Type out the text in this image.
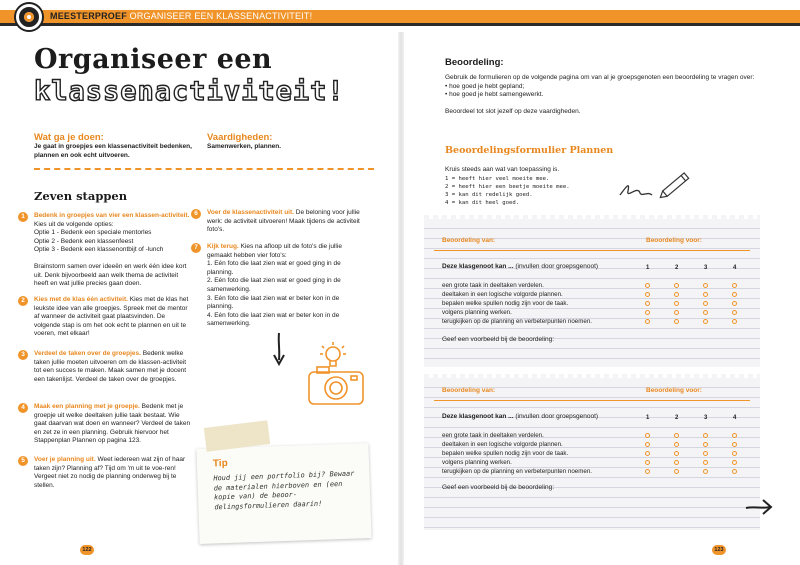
MEESTERPROEF ORGANISEER EEN KLASSENACTIVITEIT!
Organiseer een
klassenactiviteit!
Wat ga je doen:
Je gaat in groepjes een klassenactiviteit bedenken, plannen en ook echt uitvoeren.
Vaardigheden:
Samenwerken, plannen.
Zeven stappen
1	Bedenk in groepjes van vier een klassen-activiteit. Kies uit de volgende opties:

Optie 1 - Bedenk een speciale mentorles

Optie 2 - Bedenk een klassenfeest

Optie 3 - Bedenk een klassenontbijt of -lunch

Brainstorm samen over ideeën en werk één idee kort uit. Denk bijvoorbeeld aan welk thema de activiteit heeft en wat jullie precies gaan doen.

2	Kies met de klas één activiteit. Kies met de klas het leukste idee van alle groepjes. Spreek met de mentor af wanneer de activiteit gaat plaatsvinden. De volgende stap is om het ook echt te plannen en uit te voeren, met elkaar!

3	Verdeel de taken over de groepjes. Bedenk welke taken jullie moeten uitvoeren om de klassen-activiteit tot een succes te maken. Maak samen met je docent een takenlijst. Verdeel de taken over de groepjes.

4	Maak een planning met je groepje. Bedenk met je groepje uit welke deeltaken jullie taak bestaat. Wie gaat daarvan wat doen en wanneer? Verdeel de taken en zet ze in een planning. Gebruik hiervoor het Stappenplan Plannen op pagina 123.

5	Voer je planning uit. Weet iedereen wat zijn of haar taken zijn? Planning af? Tijd om 'm uit te voe-ren! Vergeet niet zo nodig de planning onderweg bij te stellen.

6	Voer de klassenactiviteit uit. De beloning voor jullie werk: de activiteit uitvoeren! Maak tijdens de activiteit foto's.

7	Kijk terug. Kies na afloop uit de foto's die jullie gemaakt hebben vier foto's:

1. Eén foto die laat zien wat er goed ging in de planning.

2. Eén foto die laat zien wat er goed ging in de samenwerking.

3. Eén foto die laat zien wat er beter kon in de planning.

4. Eén foto die laat zien wat er beter kon in de samenwerking.

Tip
Houd jij een portfolio bij? Bewaar de materialen hierboven en (een kopie van) de beoor-delingsformulieren daarin!
122
Beoordeling:
Gebruik de formulieren op de volgende pagina om van al je groepsgenoten een beoordeling te vragen over:
• hoe goed je hebt gepland;
• hoe goed je hebt samengewerkt.
Beoordeel tot slot jezelf op deze vaardigheden.
Beoordelingsformulier Plannen
Kruis steeds aan wat van toepassing is.
1 = heeft hier veel moeite mee.
2 = heeft hier een beetje moeite mee.
3 = kan dit redelijk goed.
4 = kan dit heel goed.
Beoordeling van:	Beoordeling voor:
Deze klasgenoot kan ... (invullen door groepsgenoot)	1	2	3	4
een grote taak in deeltaken verdelen.
deeltaken in een logische volgorde plannen.
bepalen welke spullen nodig zijn voor de taak.
volgens planning werken.
terugkijken op de planning en verbeterpunten noemen.
Geef een voorbeeld bij de beoordeling:
Beoordeling van:	Beoordeling voor:
Deze klasgenoot kan ... (invullen door groepsgenoot)	1	2	3	4
een grote taak in deeltaken verdelen.
deeltaken in een logische volgorde plannen.
bepalen welke spullen nodig zijn voor de taak.
volgens planning werken.
terugkijken op de planning en verbeterpunten noemen.
Geef een voorbeeld bij de beoordeling:
123
